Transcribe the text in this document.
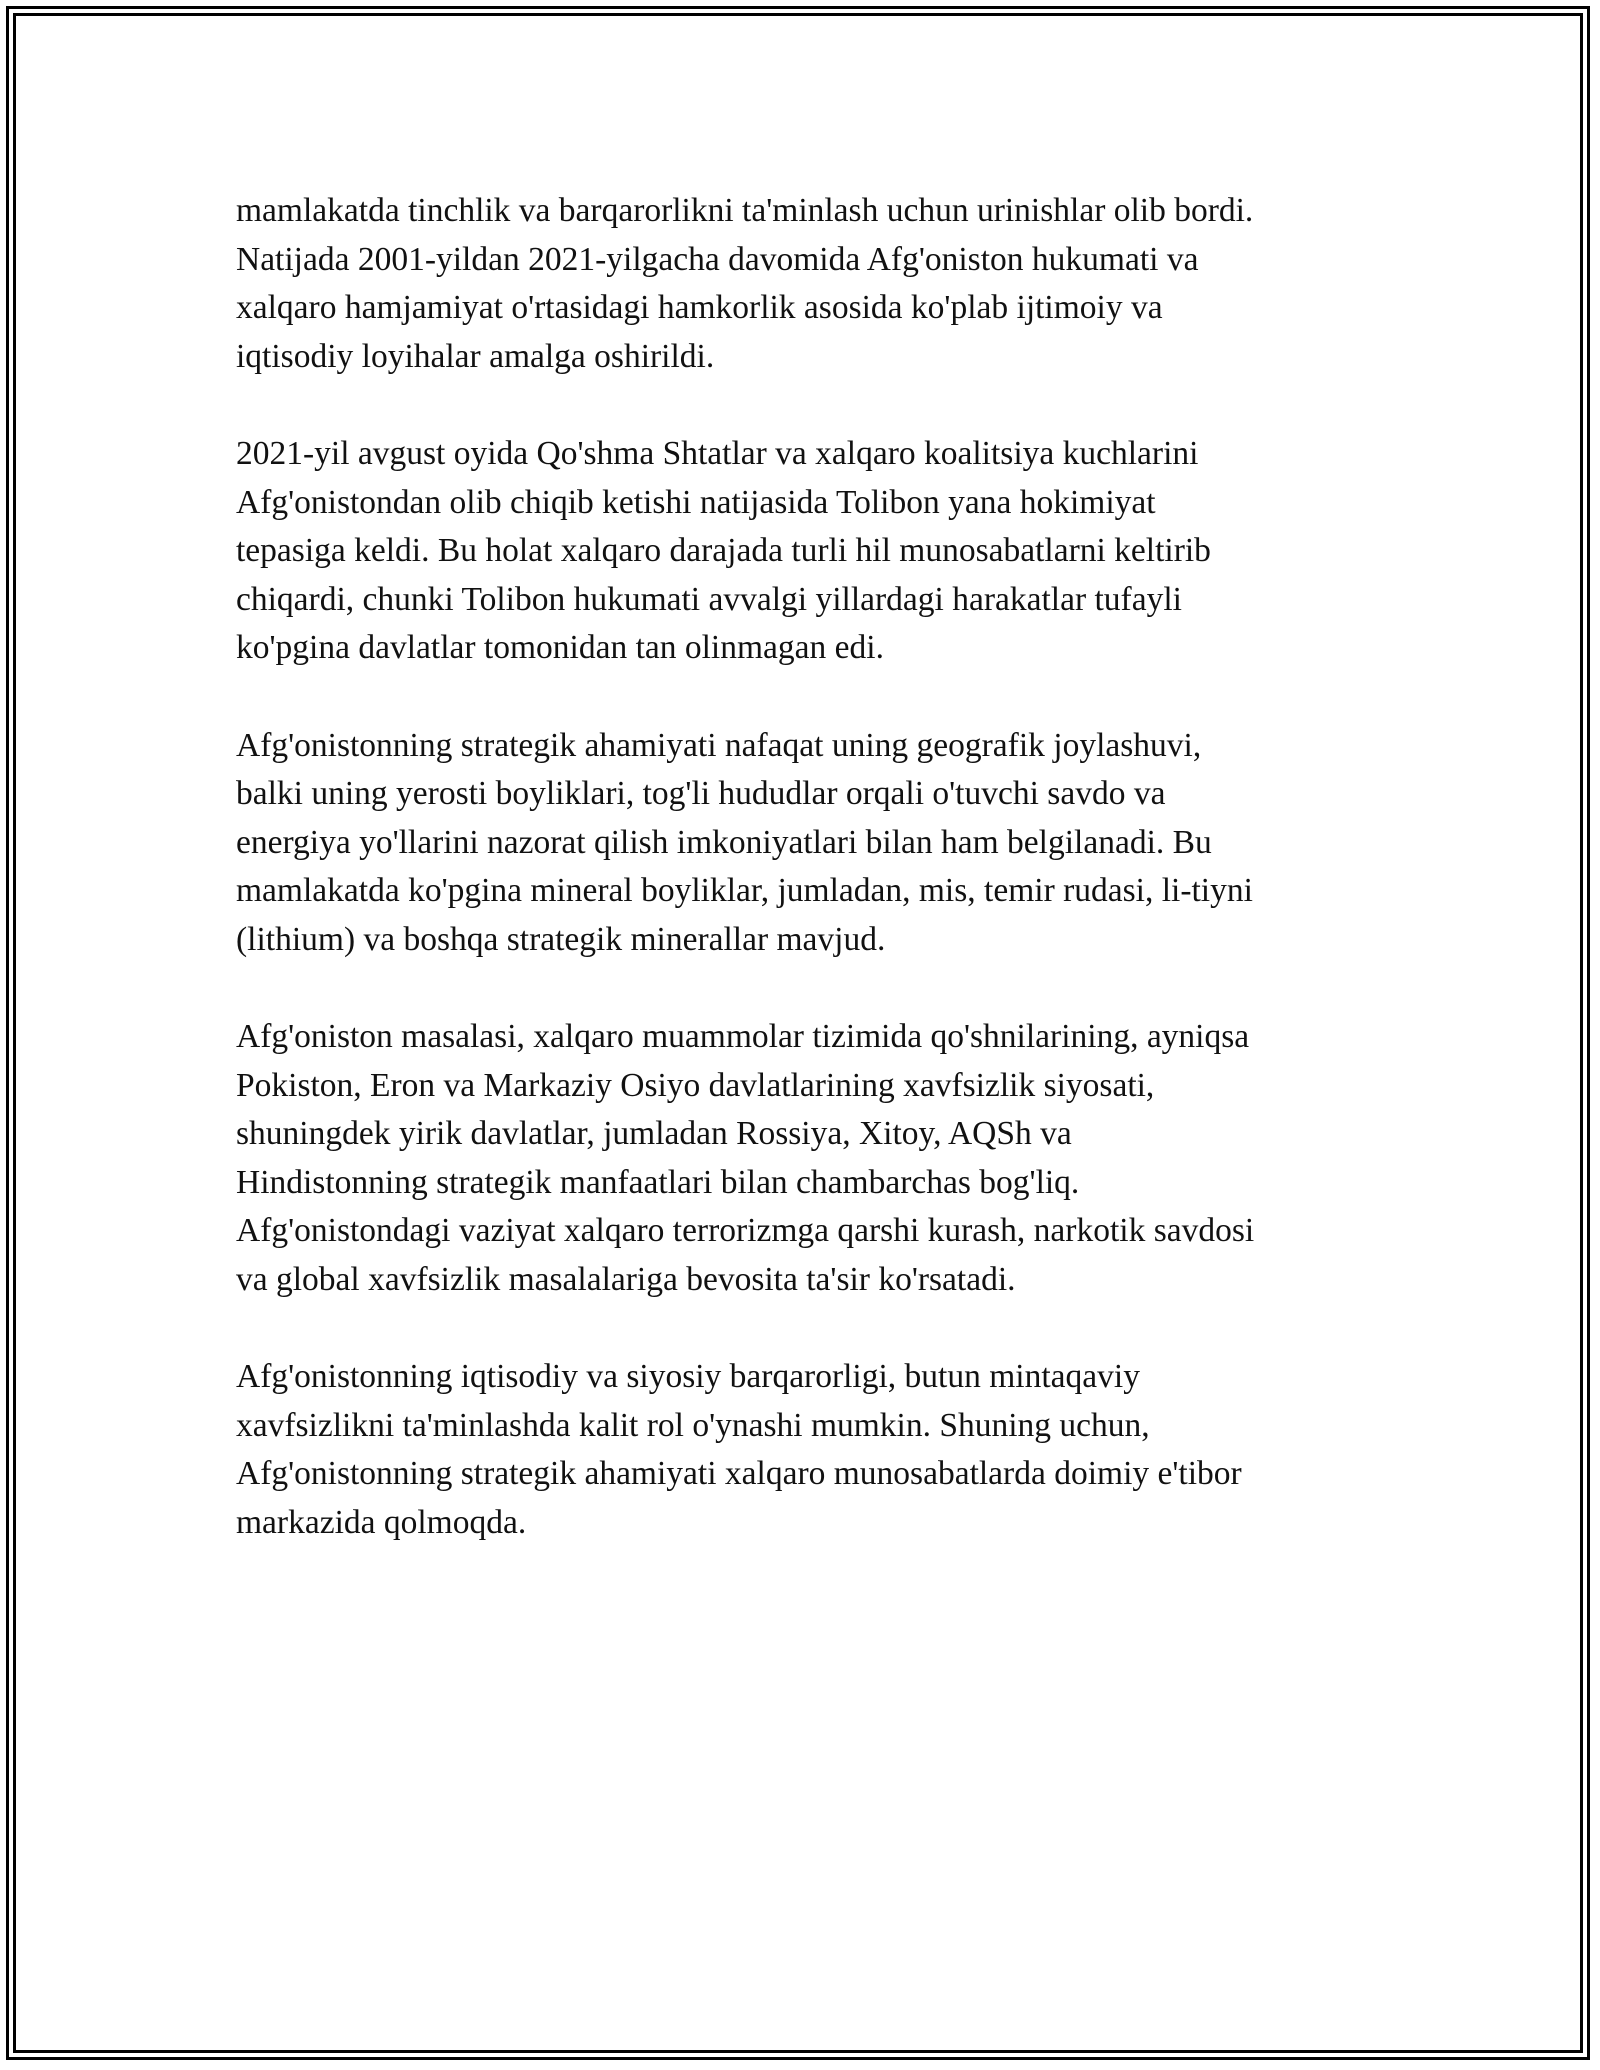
mamlakatda tinchlik va barqarorlikni ta'minlash uchun urinishlar olib bordi.
Natijada 2001-yildan 2021-yilgacha davomida Afg'oniston hukumati va
xalqaro hamjamiyat o'rtasidagi hamkorlik asosida ko'plab ijtimoiy va
iqtisodiy loyihalar amalga oshirildi.

2021-yil avgust oyida Qo'shma Shtatlar va xalqaro koalitsiya kuchlarini
Afg'onistondan olib chiqib ketishi natijasida Tolibon yana hokimiyat
tepasiga keldi. Bu holat xalqaro darajada turli hil munosabatlarni keltirib
chiqardi, chunki Tolibon hukumati avvalgi yillardagi harakatlar tufayli
ko'pgina davlatlar tomonidan tan olinmagan edi.

Afg'onistonning strategik ahamiyati nafaqat uning geografik joylashuvi,
balki uning yerosti boyliklari, tog'li hududlar orqali o'tuvchi savdo va
energiya yo'llarini nazorat qilish imkoniyatlari bilan ham belgilanadi. Bu
mamlakatda ko'pgina mineral boyliklar, jumladan, mis, temir rudasi, li-tiyni
(lithium) va boshqa strategik minerallar mavjud.

Afg'oniston masalasi, xalqaro muammolar tizimida qo'shnilarining, ayniqsa
Pokiston, Eron va Markaziy Osiyo davlatlarining xavfsizlik siyosati,
shuningdek yirik davlatlar, jumladan Rossiya, Xitoy, AQSh va
Hindistonning strategik manfaatlari bilan chambarchas bog'liq.
Afg'onistondagi vaziyat xalqaro terrorizmga qarshi kurash, narkotik savdosi
va global xavfsizlik masalalariga bevosita ta'sir ko'rsatadi.

Afg'onistonning iqtisodiy va siyosiy barqarorligi, butun mintaqaviy
xavfsizlikni ta'minlashda kalit rol o'ynashi mumkin. Shuning uchun,
Afg'onistonning strategik ahamiyati xalqaro munosabatlarda doimiy e'tibor
markazida qolmoqda.
